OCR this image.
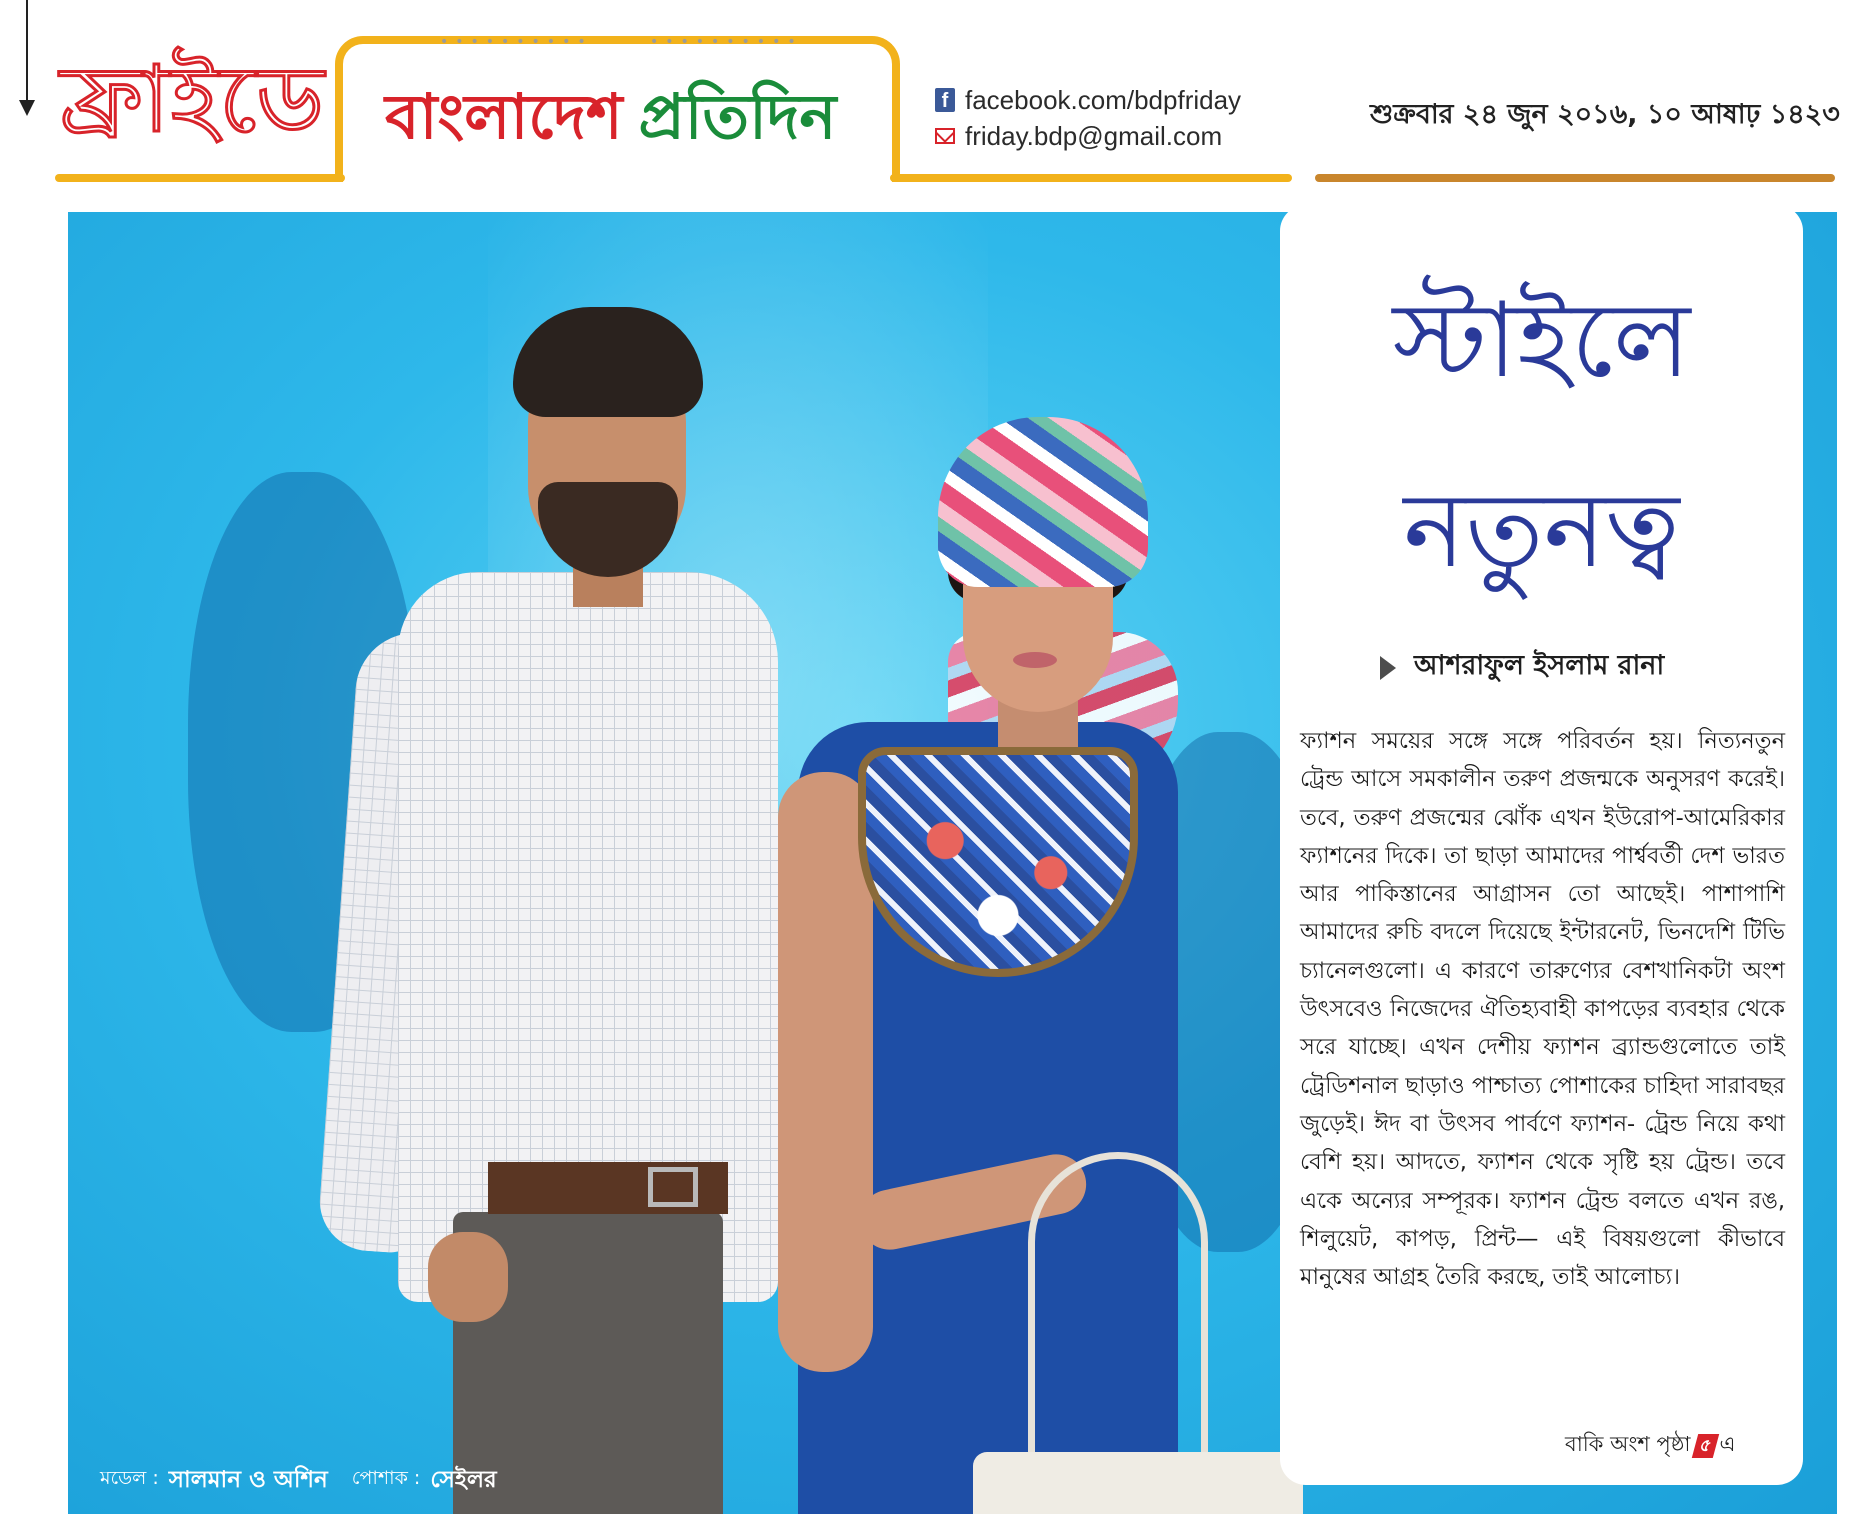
ফ্রাইডে
••••••••••	••••••••••
বাংলাদেশ প্রতিদিন	f facebook.com/bdpfriday
friday.bdp@gmail.com
শুক্রবার ২৪ জুন ২০১৬, ১০ আষাঢ় ১৪২৩
মডেল : সালমান ও অশিন পোশাক : সেইলর
স্টাইলে
নতুনত্ব
আশরাফুল ইসলাম রানা
ফ্যাশন সময়ের সঙ্গে সঙ্গে পরিবর্তন হয়। নিত্যনতুন ট্রেন্ড আসে সমকালীন তরুণ প্রজন্মকে অনুসরণ করেই। তবে, তরুণ প্রজন্মের ঝোঁক এখন ইউরোপ-আমেরিকার ফ্যাশনের দিকে। তা ছাড়া আমাদের পার্শ্ববর্তী দেশ ভারত আর পাকিস্তানের আগ্রাসন তো আছেই। পাশাপাশি আমাদের রুচি বদলে দিয়েছে ইন্টারনেট, ভিনদেশি টিভি চ্যানেলগুলো। এ কারণে তারুণ্যের বেশখানিকটা অংশ উৎসবেও নিজেদের ঐতিহ্যবাহী কাপড়ের ব্যবহার থেকে সরে যাচ্ছে। এখন দেশীয় ফ্যাশন ব্র্যান্ডগুলোতে তাই ট্রেডিশনাল ছাড়াও পাশ্চাত্য পোশাকের চাহিদা সারাবছর জুড়েই। ঈদ বা উৎসব পার্বণে ফ্যাশন- ট্রেন্ড নিয়ে কথা বেশি হয়। আদতে, ফ্যাশন থেকে সৃষ্টি হয় ট্রেন্ড। তবে একে অন্যের সম্পূরক। ফ্যাশন ট্রেন্ড বলতে এখন রঙ, শিলুয়েট, কাপড়, প্রিন্ট— এই বিষয়গুলো কীভাবে মানুষের আগ্রহ তৈরি করছে, তাই আলোচ্য।
বাকি অংশ পৃষ্ঠা ৫ এ
